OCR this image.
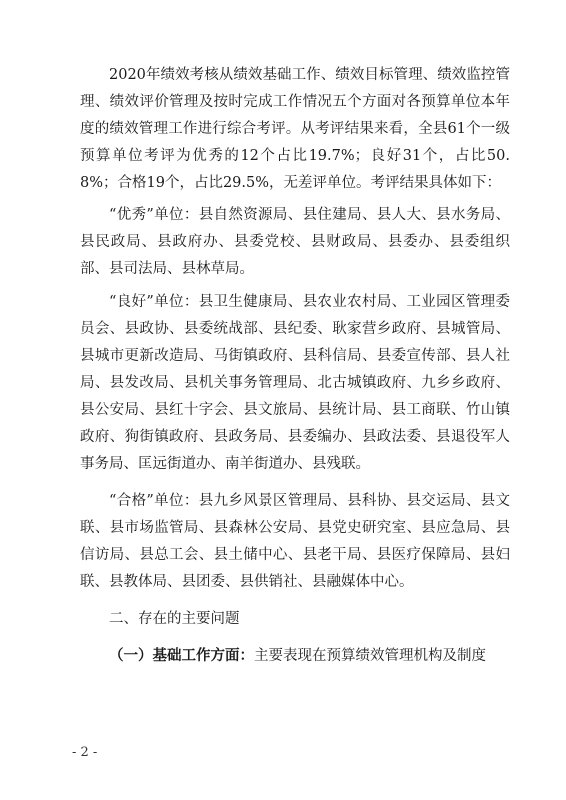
2020年绩效考核从绩效基础工作、绩效目标管理、绩效监控管理、绩效评价管理及按时完成工作情况五个方面对各预算单位本年度的绩效管理工作进行综合考评。从考评结果来看，全县61个一级预算单位考评为优秀的12个占比19.7%；良好31个，占比50.8%；合格19个，占比29.5%，无差评单位。考评结果具体如下：

“优秀”单位：县自然资源局、县住建局、县人大、县水务局、县民政局、县政府办、县委党校、县财政局、县委办、县委组织部、县司法局、县林草局。

“良好”单位：县卫生健康局、县农业农村局、工业园区管理委员会、县政协、县委统战部、县纪委、耿家营乡政府、县城管局、县城市更新改造局、马街镇政府、县科信局、县委宣传部、县人社局、县发改局、县机关事务管理局、北古城镇政府、九乡乡政府、县公安局、县红十字会、县文旅局、县统计局、县工商联、竹山镇政府、狗街镇政府、县政务局、县委编办、县政法委、县退役军人事务局、匡远街道办、南羊街道办、县残联。

“合格”单位：县九乡风景区管理局、县科协、县交运局、县文联、县市场监管局、县森林公安局、县党史研究室、县应急局、县信访局、县总工会、县土储中心、县老干局、县医疗保障局、县妇联、县教体局、县团委、县供销社、县融媒体中心。

二、存在的主要问题

（一）基础工作方面：主要表现在预算绩效管理机构及制度

- 2 -
